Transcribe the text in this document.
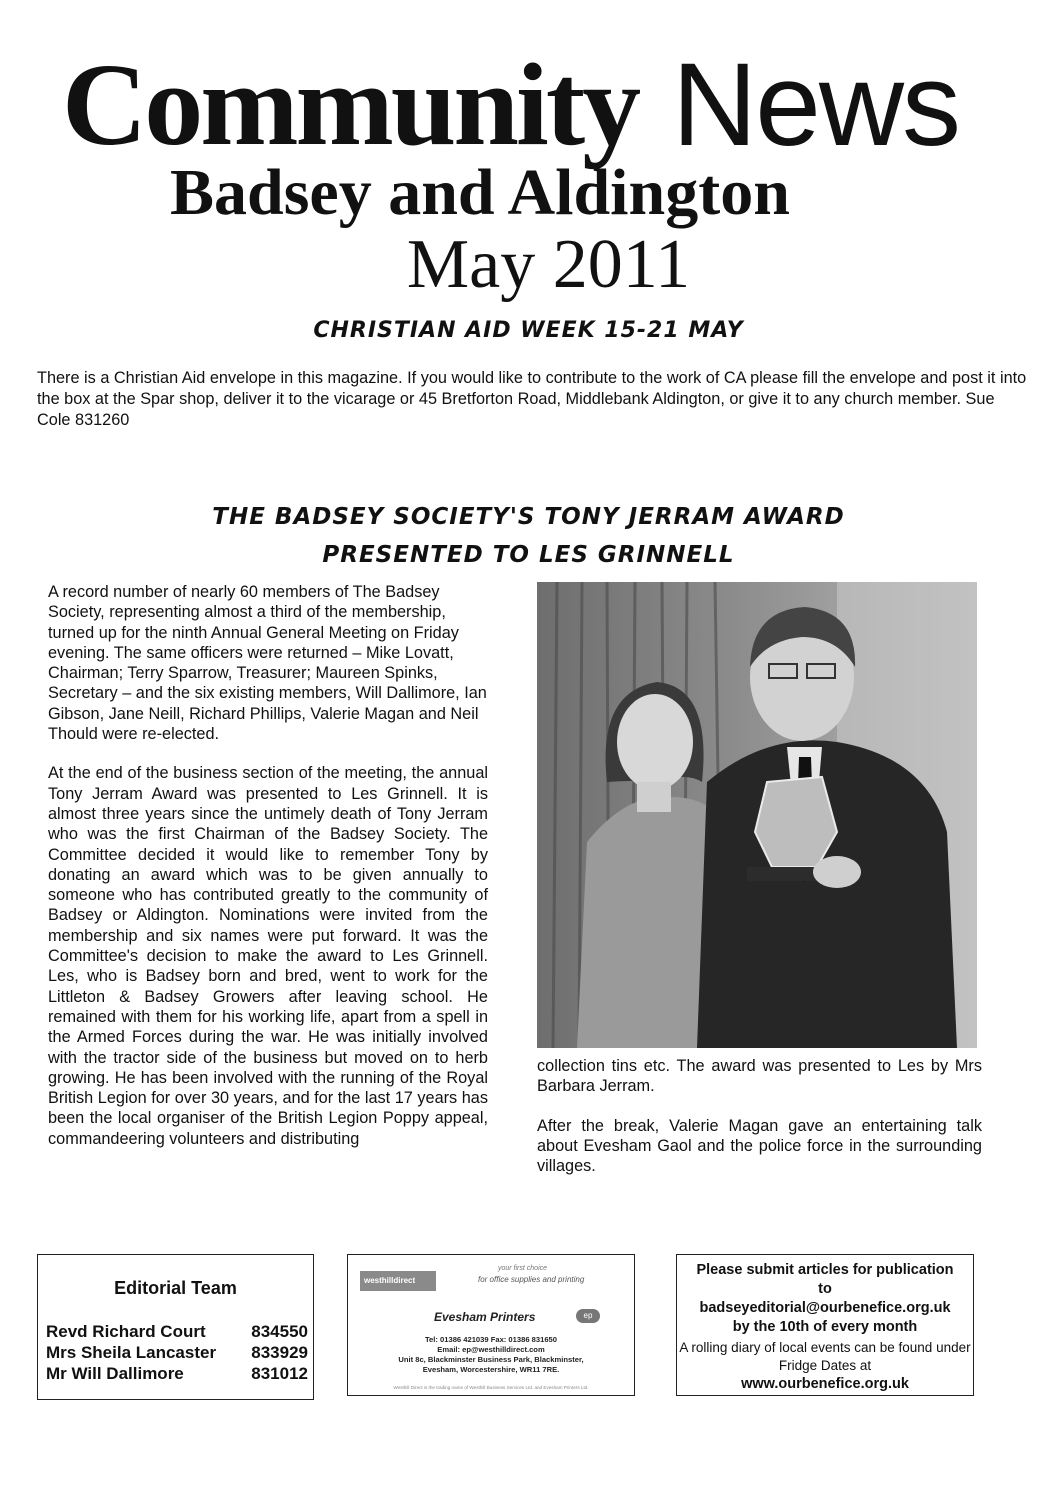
Community News
Badsey and Aldington
May 2011
CHRISTIAN AID WEEK 15-21 MAY
There is a Christian Aid envelope in this magazine. If you would like to contribute to the work of CA please fill the envelope and post it into the box at the Spar shop, deliver it to the vicarage or 45 Bretforton Road, Middlebank Aldington, or give it to any church member. Sue Cole 831260
THE BADSEY SOCIETY'S TONY JERRAM AWARD
PRESENTED TO LES GRINNELL

A record number of nearly 60 members of The Badsey Society, representing almost a third of the membership, turned up for the ninth Annual General Meeting on Friday evening. The same officers were returned – Mike Lovatt, Chairman; Terry Sparrow, Treasurer; Maureen Spinks, Secretary – and the six existing members, Will Dallimore, Ian Gibson, Jane Neill, Richard Phillips, Valerie Magan and Neil Thould were re-elected.

At the end of the business section of the meeting, the annual Tony Jerram Award was presented to Les Grinnell. It is almost three years since the untimely death of Tony Jerram who was the first Chairman of the Badsey Society. The Committee decided it would like to remember Tony by donating an award which was to be given annually to someone who has contributed greatly to the community of Badsey or Aldington. Nominations were invited from the membership and six names were put forward. It was the Committee's decision to make the award to Les Grinnell. Les, who is Badsey born and bred, went to work for the Littleton & Badsey Growers after leaving school. He remained with them for his working life, apart from a spell in the Armed Forces during the war. He was initially involved with the tractor side of the business but moved on to herb growing. He has been involved with the running of the Royal British Legion for over 30 years, and for the last 17 years has been the local organiser of the British Legion Poppy appeal, commandeering volunteers and distributing

collection tins etc. The award was presented to Les by Mrs Barbara Jerram.

After the break, Valerie Magan gave an entertaining talk about Evesham Gaol and the police force in the surrounding villages.

Editorial Team
Revd Richard Court	834550
Mrs Sheila Lancaster 833929
Mr Will Dallimore	831012
westhilldirect
your first choice
for office supplies and printing
Evesham Printers	ep
Tel: 01386 421039 Fax: 01386 831650
Email: ep@westhilldirect.com
Unit 8c, Blackminster Business Park, Blackminster,
Evesham, Worcestershire, WR11 7RE.
Westhill Direct is the trading name of Westhill Business Services Ltd. and Evesham Printers Ltd.
Please submit articles for publication
to
badseyeditorial@ourbenefice.org.uk
by the 10th of every month
A rolling diary of local events can be found under Fridge Dates at
www.ourbenefice.org.uk
